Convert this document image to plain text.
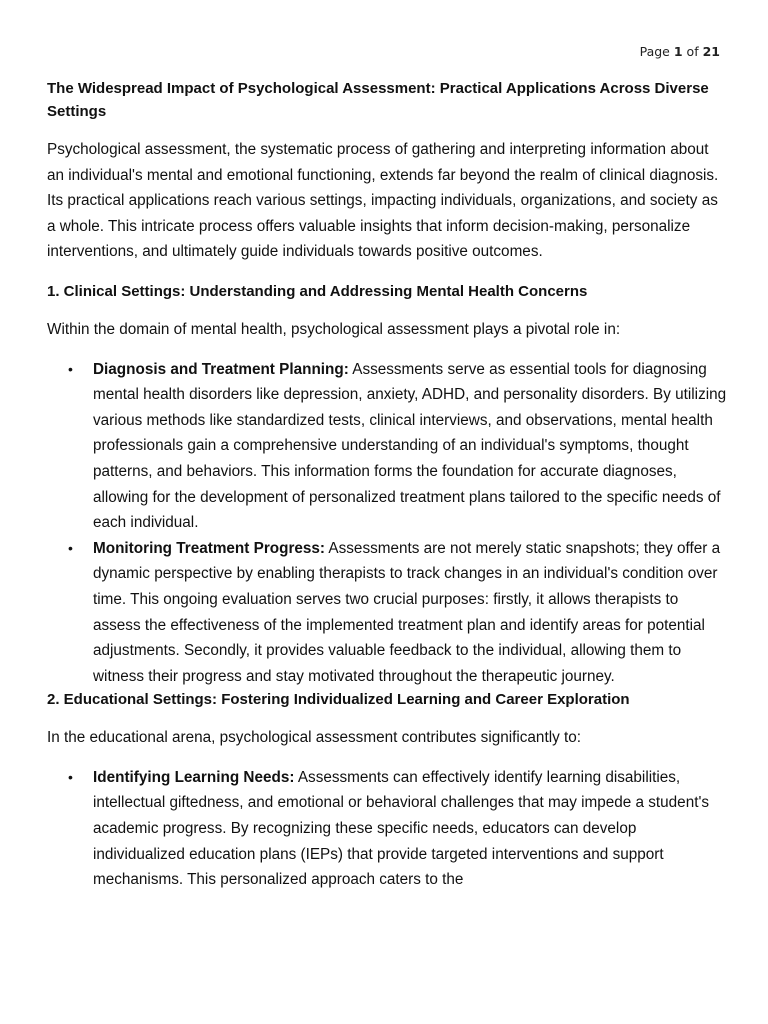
Page 1 of 21
The Widespread Impact of Psychological Assessment: Practical Applications Across Diverse Settings

Psychological assessment, the systematic process of gathering and interpreting information about an individual's mental and emotional functioning, extends far beyond the realm of clinical diagnosis. Its practical applications reach various settings, impacting individuals, organizations, and society as a whole. This intricate process offers valuable insights that inform decision-making, personalize interventions, and ultimately guide individuals towards positive outcomes.

1. Clinical Settings: Understanding and Addressing Mental Health Concerns

Within the domain of mental health, psychological assessment plays a pivotal role in:

• Diagnosis and Treatment Planning: Assessments serve as essential tools for diagnosing mental health disorders like depression, anxiety, ADHD, and personality disorders. By utilizing various methods like standardized tests, clinical interviews, and observations, mental health professionals gain a comprehensive understanding of an individual's symptoms, thought patterns, and behaviors. This information forms the foundation for accurate diagnoses, allowing for the development of personalized treatment plans tailored to the specific needs of each individual.
• Monitoring Treatment Progress: Assessments are not merely static snapshots; they offer a dynamic perspective by enabling therapists to track changes in an individual's condition over time. This ongoing evaluation serves two crucial purposes: firstly, it allows therapists to assess the effectiveness of the implemented treatment plan and identify areas for potential adjustments. Secondly, it provides valuable feedback to the individual, allowing them to witness their progress and stay motivated throughout the therapeutic journey.
2. Educational Settings: Fostering Individualized Learning and Career Exploration

In the educational arena, psychological assessment contributes significantly to:

• Identifying Learning Needs: Assessments can effectively identify learning disabilities, intellectual giftedness, and emotional or behavioral challenges that may impede a student's academic progress. By recognizing these specific needs, educators can develop individualized education plans (IEPs) that provide targeted interventions and support mechanisms. This personalized approach caters to the
